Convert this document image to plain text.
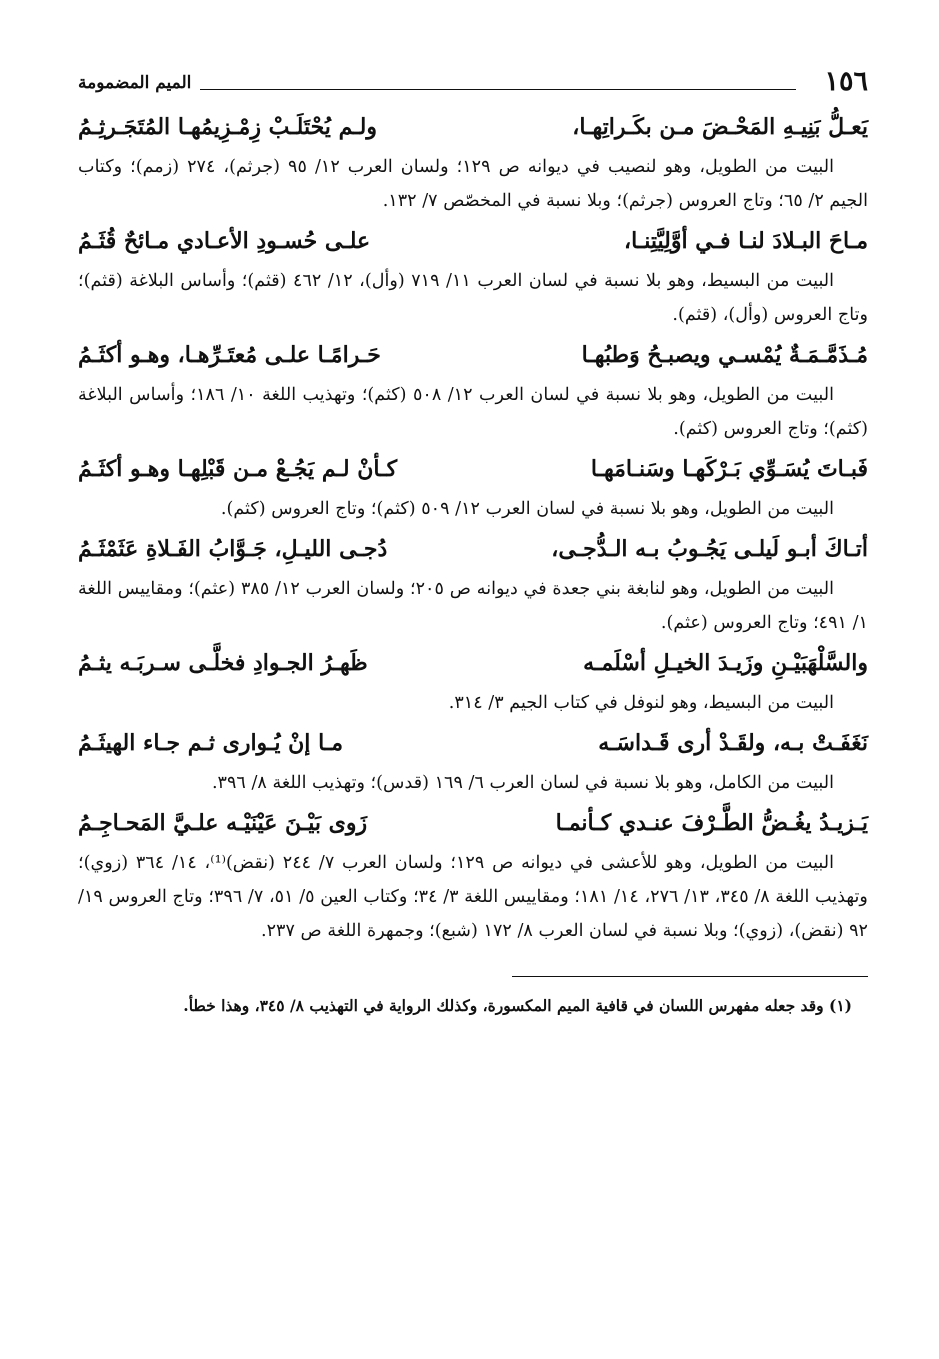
١٥٦
الميم المضمومة
يَعـلُّ بَنِيـهِ المَحْـضَ مـن بكَـراتِهـا،
ولـم يُحْتَلَـبْ زِمْـزِيمُهـا المُتَجَـرثِـمُ

البيت من الطويل، وهو لنصيب في ديوانه ص ١٢٩؛ ولسان العرب ١٢/ ٩٥ (جرثم)، ٢٧٤ (زمم)؛ وكتاب الجيم ٢/ ٦٥؛ وتاج العروس (جرثم)؛ وبلا نسبة في المخصّص ٧/ ١٣٢.

مـاحَ البـلادَ لنـا فـي أوَّلِيَّتِنـا،
علـى حُسـودِ الأعـادي مـائحٌ قُثَـمُ

البيت من البسيط، وهو بلا نسبة في لسان العرب ١١/ ٧١٩ (وأل)، ١٢/ ٤٦٢ (قثم)؛ وأساس البلاغة (قثم)؛ وتاج العروس (وأل)، (قثم).

مُـذَمَّـمَـةٌ يُمْسـي ويصبـحُ وَطبُهـا
حَـرامًـا علـى مُعتَـرِّهـا، وهـو أكثَـمُ

البيت من الطويل، وهو بلا نسبة في لسان العرب ١٢/ ٥٠٨ (كثم)؛ وتهذيب اللغة ١٠/ ١٨٦؛ وأساس البلاغة (كثم)؛ وتاج العروس (كثم).

فَبـاتَ يُسَـوِّي بَـرْكَهـا وسَنـامَهـا
كـأنْ لـم يَجُـعْ مـن قَبْلِهـا وهـو أكثَـمُ

البيت من الطويل، وهو بلا نسبة في لسان العرب ١٢/ ٥٠٩ (كثم)؛ وتاج العروس (كثم).

أتـاكَ أبـو لَيلـى يَجُـوبُ بـه الـدُّجـى،
دُجـى الليـلِ، جَـوَّابُ الفَـلاةِ عَثَمْثَـمُ

البيت من الطويل، وهو لنابغة بني جعدة في ديوانه ص ٢٠٥؛ ولسان العرب ١٢/ ٣٨٥ (عثم)؛ ومقاييس اللغة ١/ ٤٩١؛ وتاج العروس (عثم).

والسَّلْهَبَيْـنِ وزَيـدَ الخيـلِ أسْلَمـه
ظَهـرُ الجـوادِ فخلَّـى سـربَـه يثـمُ

البيت من البسيط، وهو لنوفل في كتاب الجيم ٣/ ٣١٤.

نَغَفَـتْ بـه، ولقَـدْ أرى قَـداسَـه
مـا إنْ يُـوارى ثـم جـاء الهيثَـمُ

البيت من الكامل، وهو بلا نسبة في لسان العرب ٦/ ١٦٩ (قدس)؛ وتهذيب اللغة ٨/ ٣٩٦.

يَـزيـدُ يغُـضُّ الطَّـرْفَ عنـدي كـأنمـا
زَوى بَيْـنَ عَيْنَيْـه علـيَّ المَحـاجِـمُ

البيت من الطويل، وهو للأعشى في ديوانه ص ١٢٩؛ ولسان العرب ٧/ ٢٤٤ (نقض)⁽¹⁾، ١٤/ ٣٦٤ (زوي)؛ وتهذيب اللغة ٨/ ٣٤٥، ١٣/ ٢٧٦، ١٤/ ١٨١؛ ومقاييس اللغة ٣/ ٣٤؛ وكتاب العين ٥/ ٥١، ٧/ ٣٩٦؛ وتاج العروس ١٩/ ٩٢ (نقض)، (زوي)؛ وبلا نسبة في لسان العرب ٨/ ١٧٢ (شبع)؛ وجمهرة اللغة ص ٢٣٧.

(١) وقد جعله مفهرس اللسان في قافية الميم المكسورة، وكذلك الرواية في التهذيب ٨/ ٣٤٥، وهذا خطأ.
